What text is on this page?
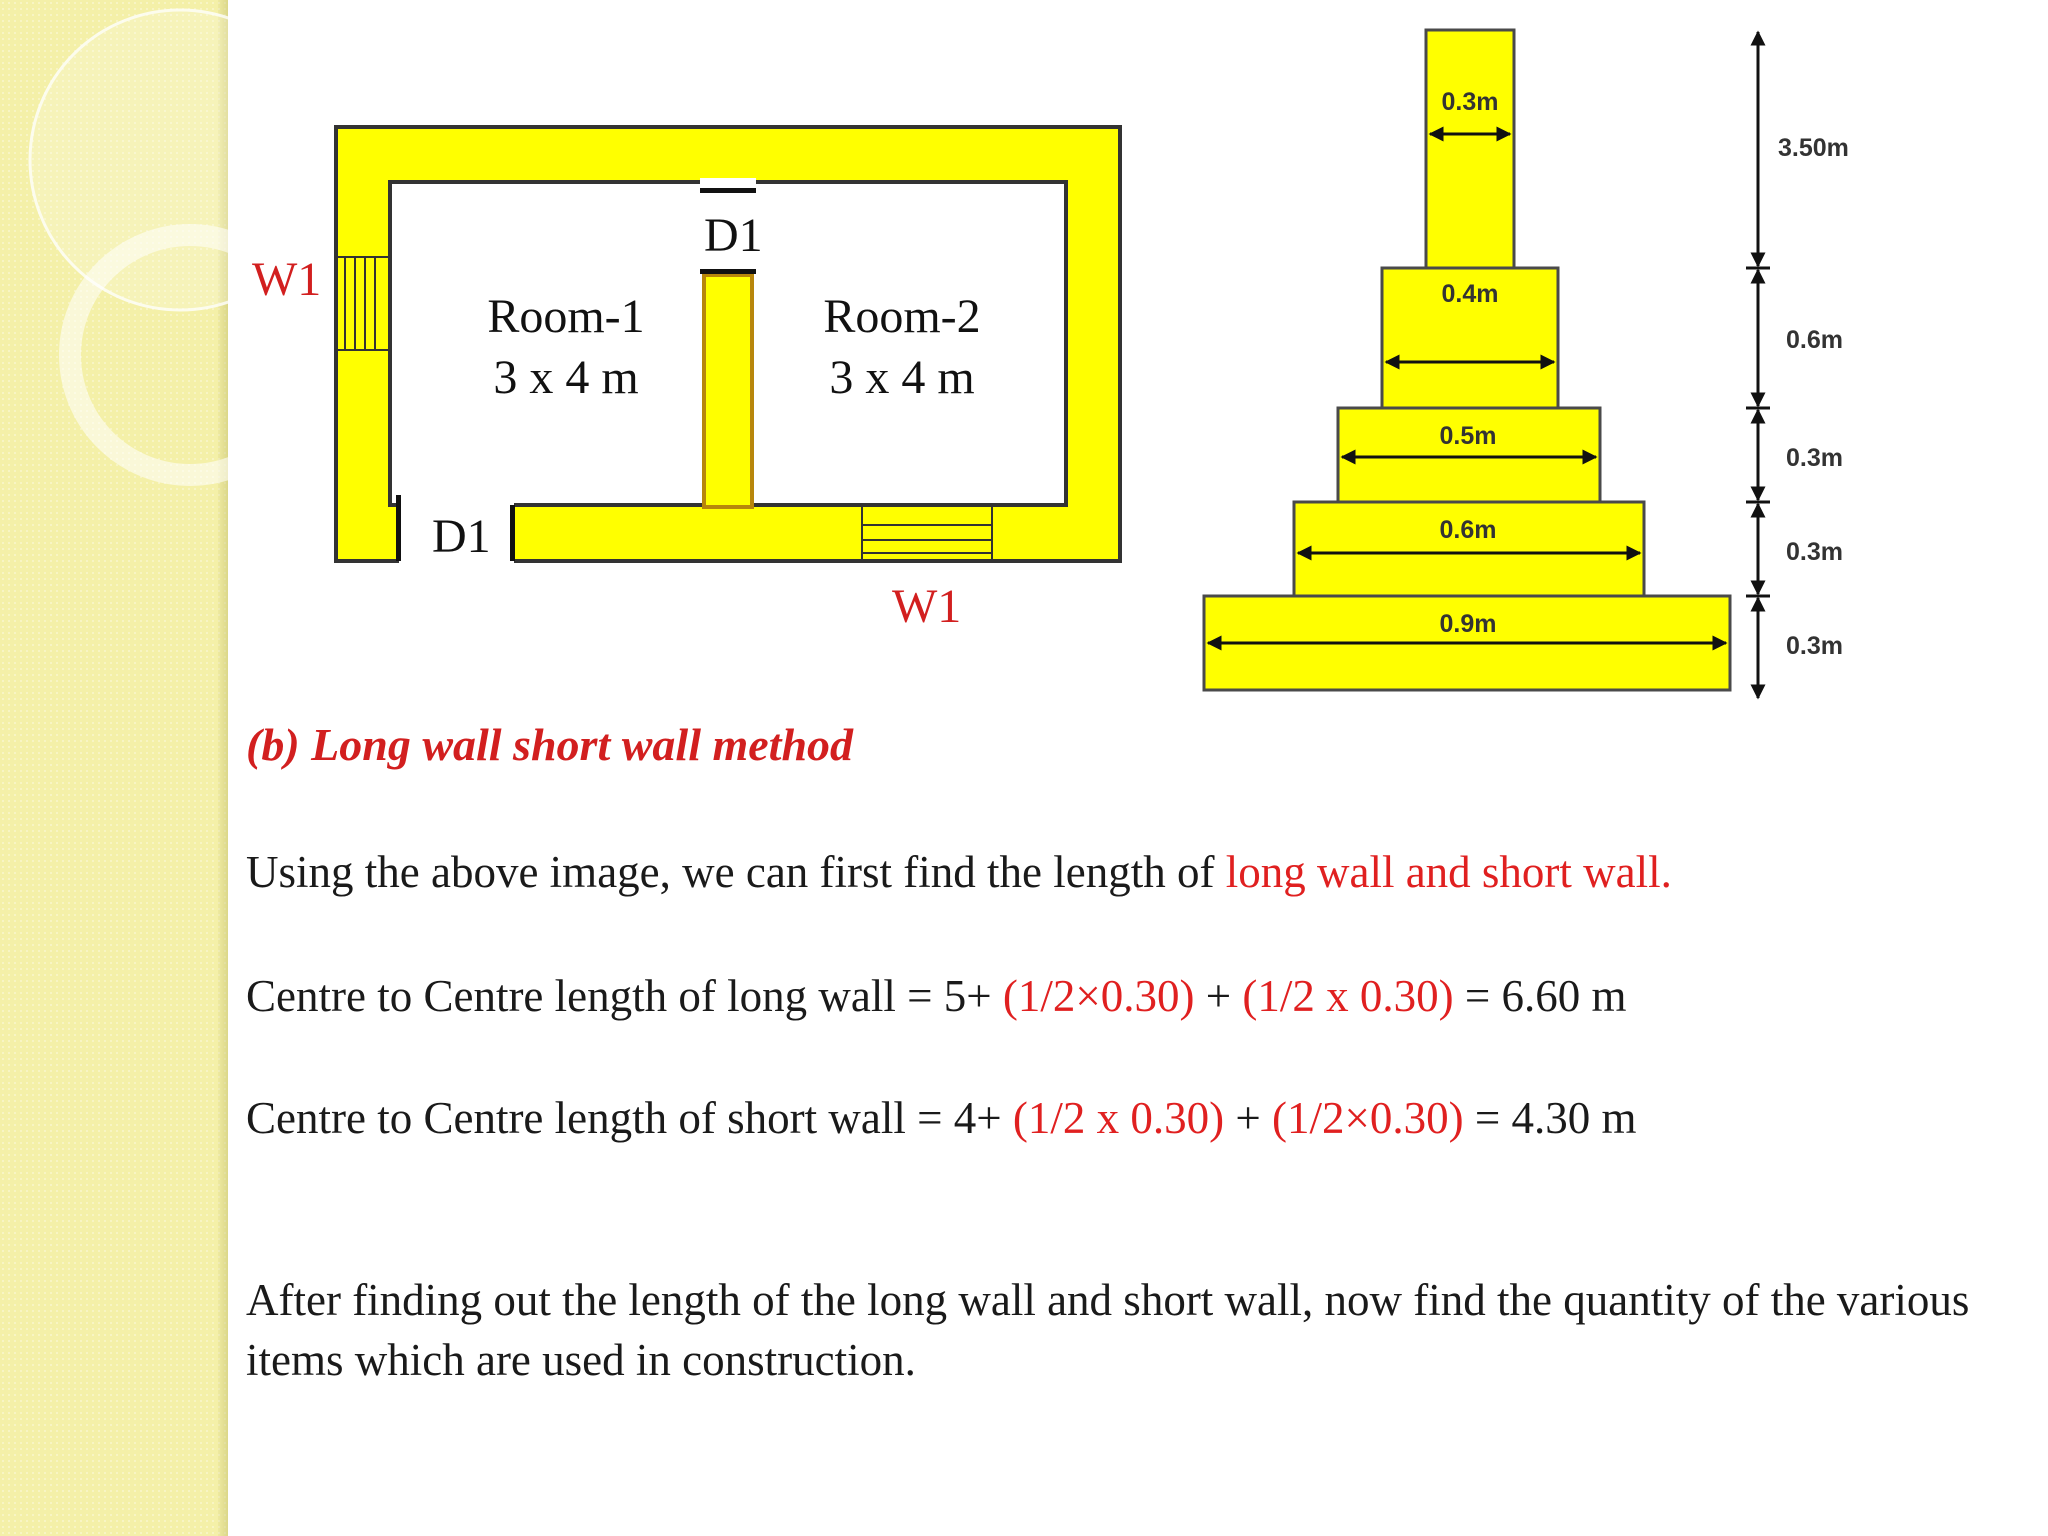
W1
W1
D1
D1
Room-1
3 x 4 m
Room-2
3 x 4 m
0.3m
0.4m
0.5m
0.6m
0.9m
3.50m
0.6m
0.3m
0.3m
0.3m
(b) Long wall short wall method

Using the above image, we can first find the length of long wall and short wall.

Centre to Centre length of long wall = 5+ (1/2×0.30) + (1/2 x 0.30) = 6.60 m

Centre to Centre length of short wall = 4+ (1/2 x 0.30) + (1/2×0.30) = 4.30 m

After finding out the length of the long wall and short wall, now find the quantity of the various items which are used in construction.
